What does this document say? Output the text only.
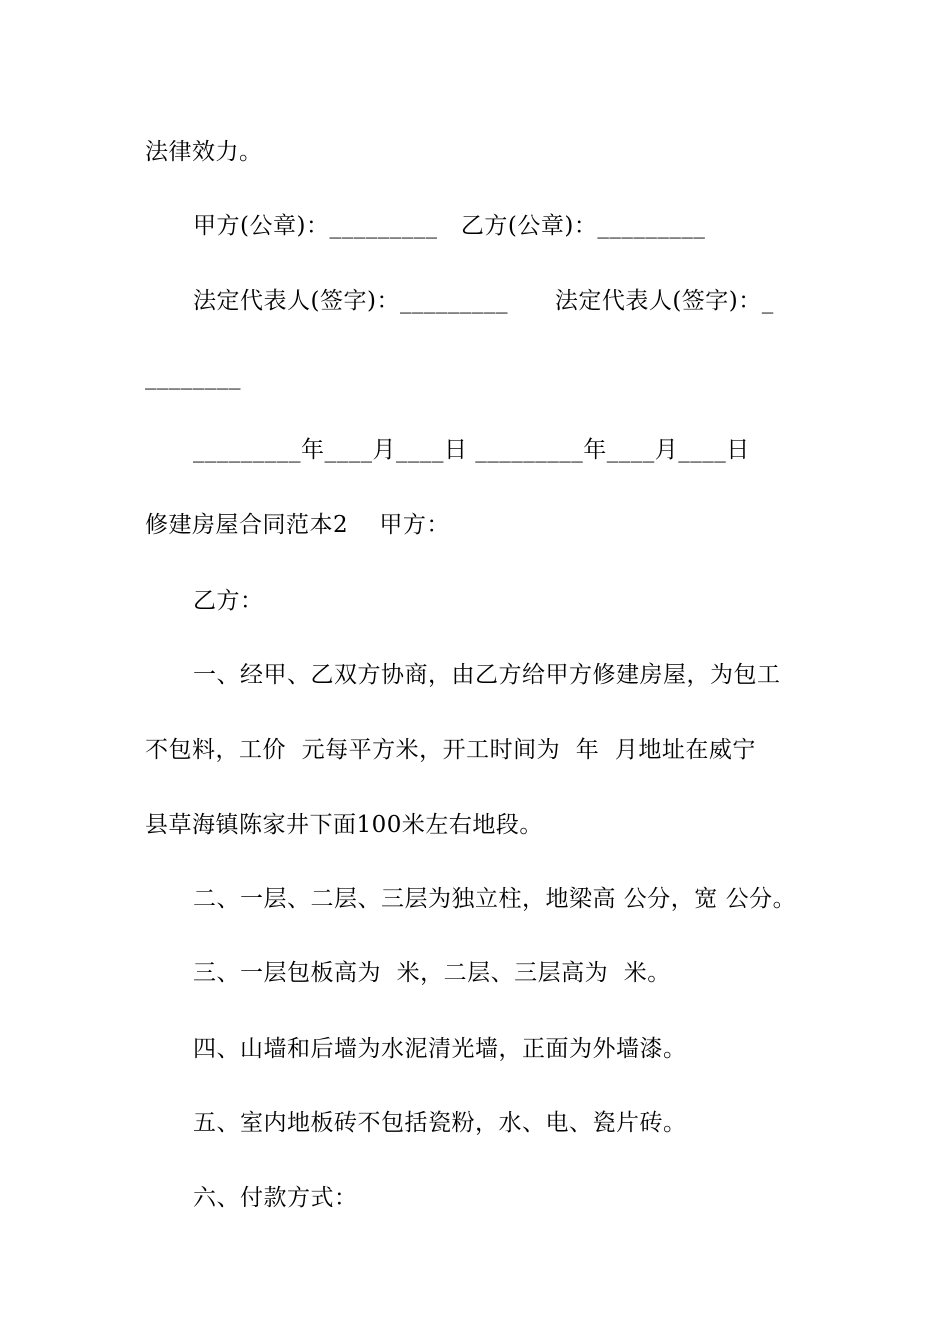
法律效力。
甲方(公章)：_________   乙方(公章)：_________
法定代表人(签字)：_________      法定代表人(签字)：_
________
_________年____月____日 _________年____月____日
修建房屋合同范本2    甲方：
乙方：
一、经甲、乙双方协商，由乙方给甲方修建房屋，为包工
不包料，工价  元每平方米，开工时间为  年  月地址在威宁
县草海镇陈家井下面100米左右地段。
二、一层、二层、三层为独立柱，地梁高 公分，宽 公分。
三、一层包板高为  米，二层、三层高为  米。
四、山墙和后墙为水泥清光墙，正面为外墙漆。
五、室内地板砖不包括瓷粉，水、电、瓷片砖。
六、付款方式：
